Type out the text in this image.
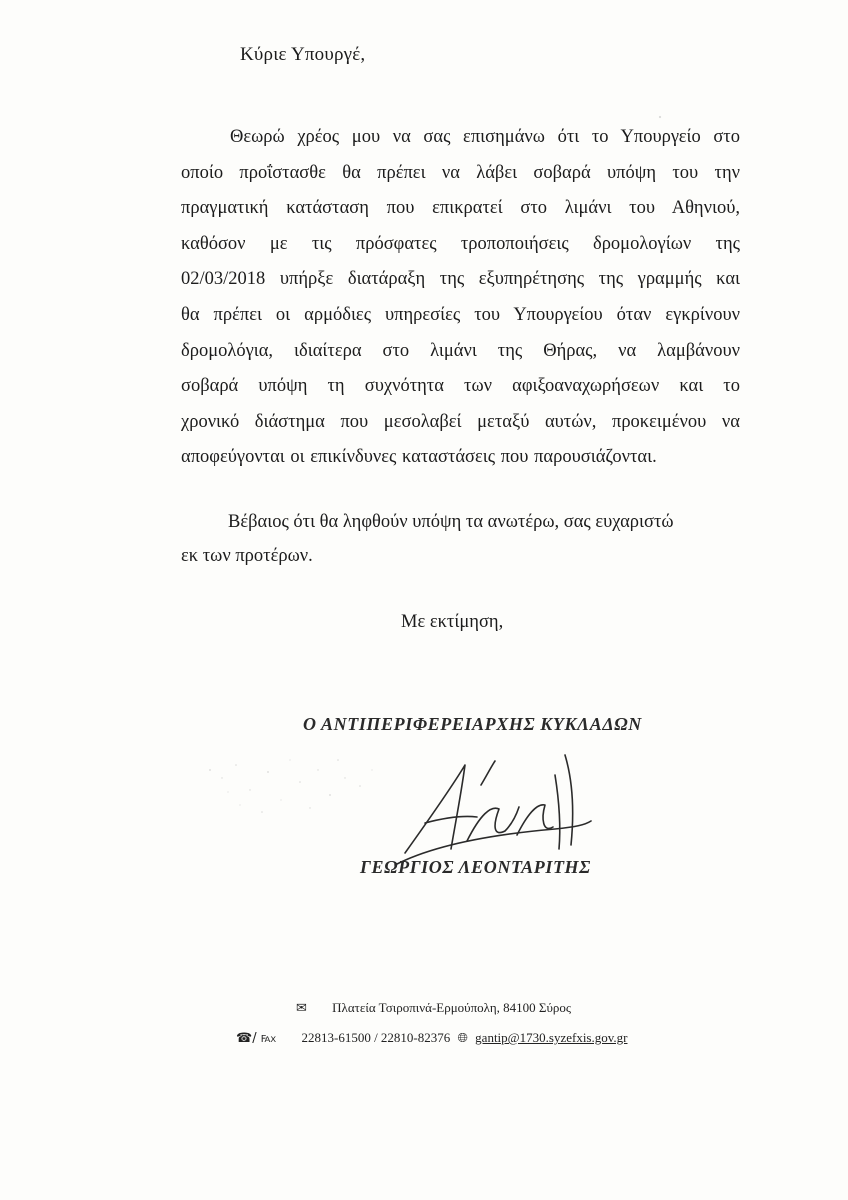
Κύριε Υπουργέ,
Θεωρώ χρέος μου να σας επισημάνω ότι το Υπουργείο στο
οποίο προΐστασθε θα πρέπει να λάβει σοβαρά υπόψη του την
πραγματική κατάσταση που επικρατεί στο λιμάνι του Αθηνιού,
καθόσον με τις πρόσφατες τροποποιήσεις δρομολογίων της
02/03/2018 υπήρξε διατάραξη της εξυπηρέτησης της γραμμής και
θα πρέπει οι αρμόδιες υπηρεσίες του Υπουργείου όταν εγκρίνουν
δρομολόγια, ιδιαίτερα στο λιμάνι της Θήρας, να λαμβάνουν
σοβαρά υπόψη τη συχνότητα των αφιξοαναχωρήσεων και το
χρονικό διάστημα που μεσολαβεί μεταξύ αυτών, προκειμένου να
αποφεύγονται οι επικίνδυνες καταστάσεις που παρουσιάζονται.
Βέβαιος ότι θα ληφθούν υπόψη τα ανωτέρω, σας ευχαριστώ
εκ των προτέρων.
Με εκτίμηση,
Ο ΑΝΤΙΠΕΡΙΦΕΡΕΙΑΡΧΗΣ ΚΥΚΛΑΔΩΝ
ΓΕΩΡΓΙΟΣ ΛΕΟΝΤΑΡΙΤΗΣ
✉ Πλατεία Τσιροπινά-Ερμούπολη, 84100 Σύρος
☎/ ℻ 22813-61500 / 22810-82376 🌐︎ gantip@1730.syzefxis.gov.gr
